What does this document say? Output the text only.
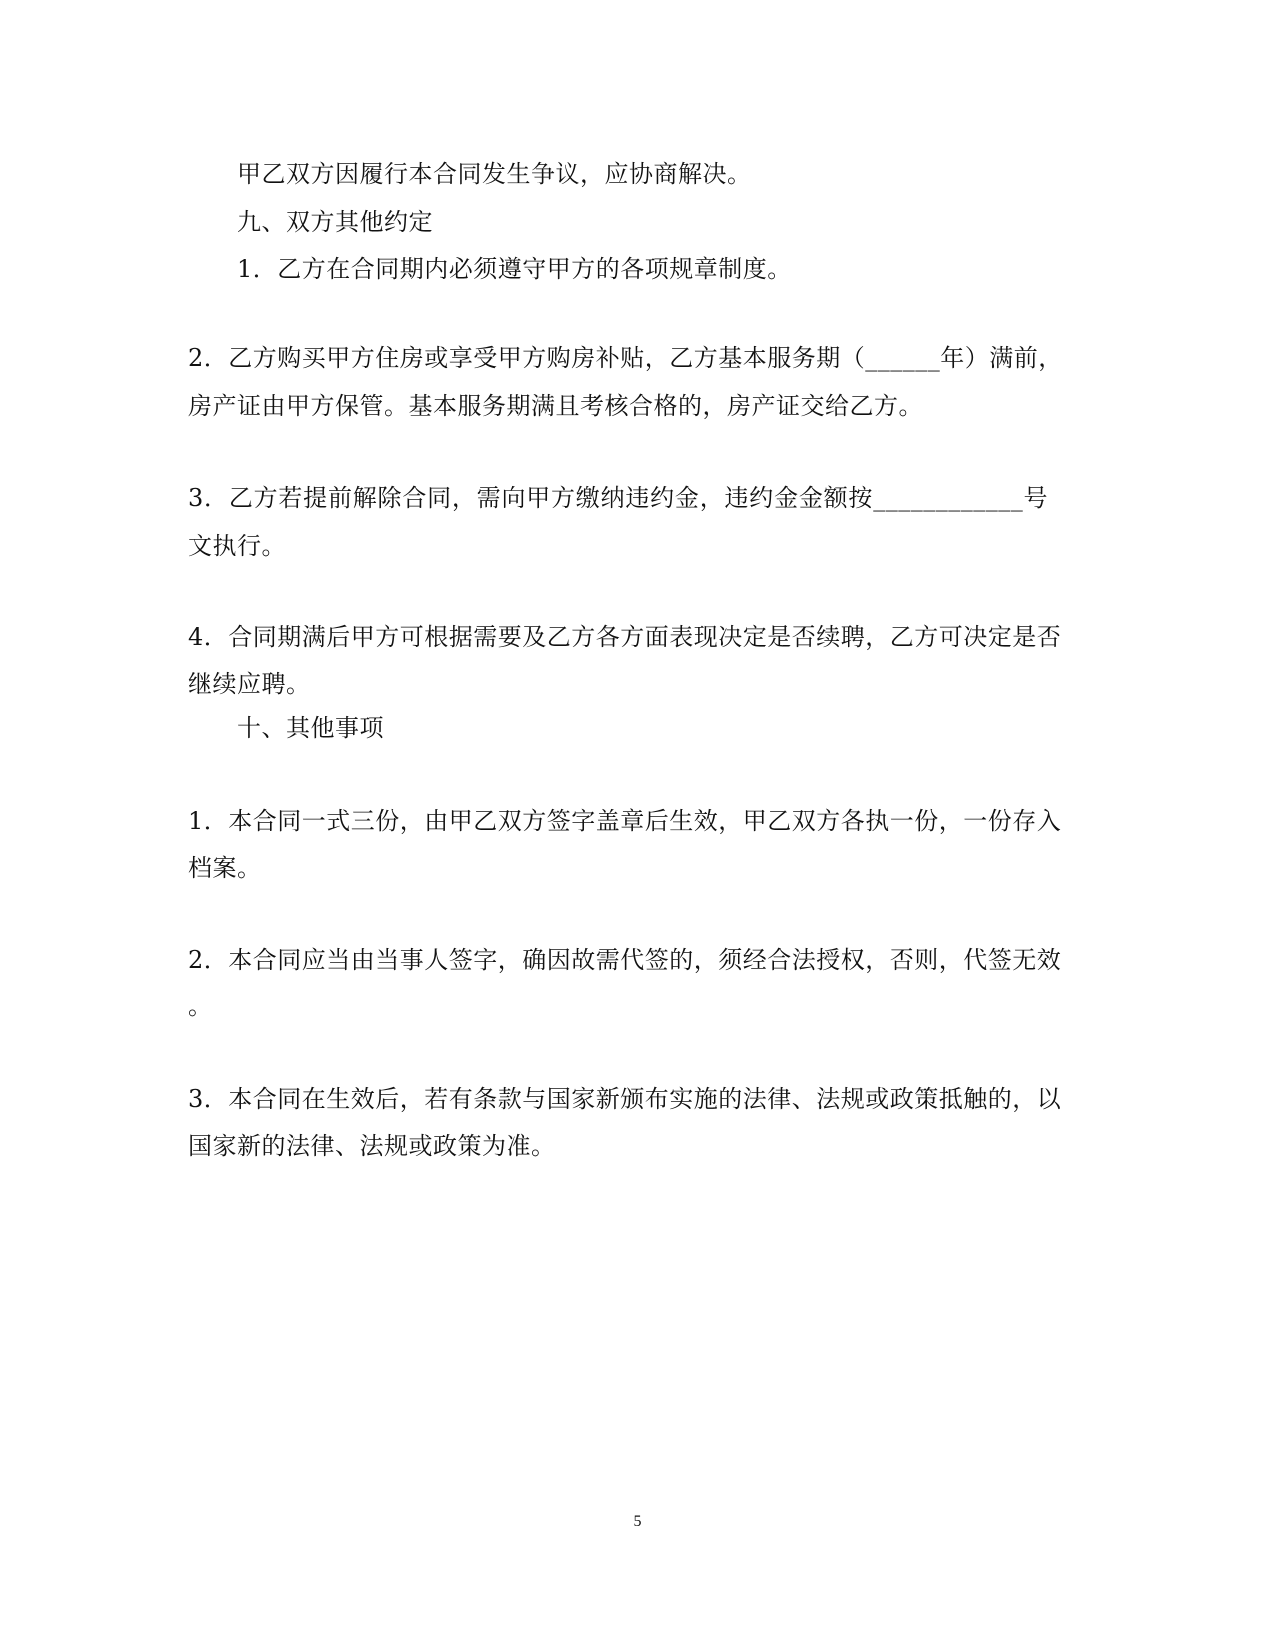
甲乙双方因履行本合同发生争议，应协商解决。
九、双方其他约定
1．乙方在合同期内必须遵守甲方的各项规章制度。
2．乙方购买甲方住房或享受甲方购房补贴，乙方基本服务期（______年）满前，
房产证由甲方保管。基本服务期满且考核合格的，房产证交给乙方。
3．乙方若提前解除合同，需向甲方缴纳违约金，违约金金额按____________号
文执行。
4．合同期满后甲方可根据需要及乙方各方面表现决定是否续聘，乙方可决定是否
继续应聘。
十、其他事项
1．本合同一式三份，由甲乙双方签字盖章后生效，甲乙双方各执一份，一份存入
档案。
2．本合同应当由当事人签字，确因故需代签的，须经合法授权，否则，代签无效
。
3．本合同在生效后，若有条款与国家新颁布实施的法律、法规或政策抵触的，以
国家新的法律、法规或政策为准。
5
